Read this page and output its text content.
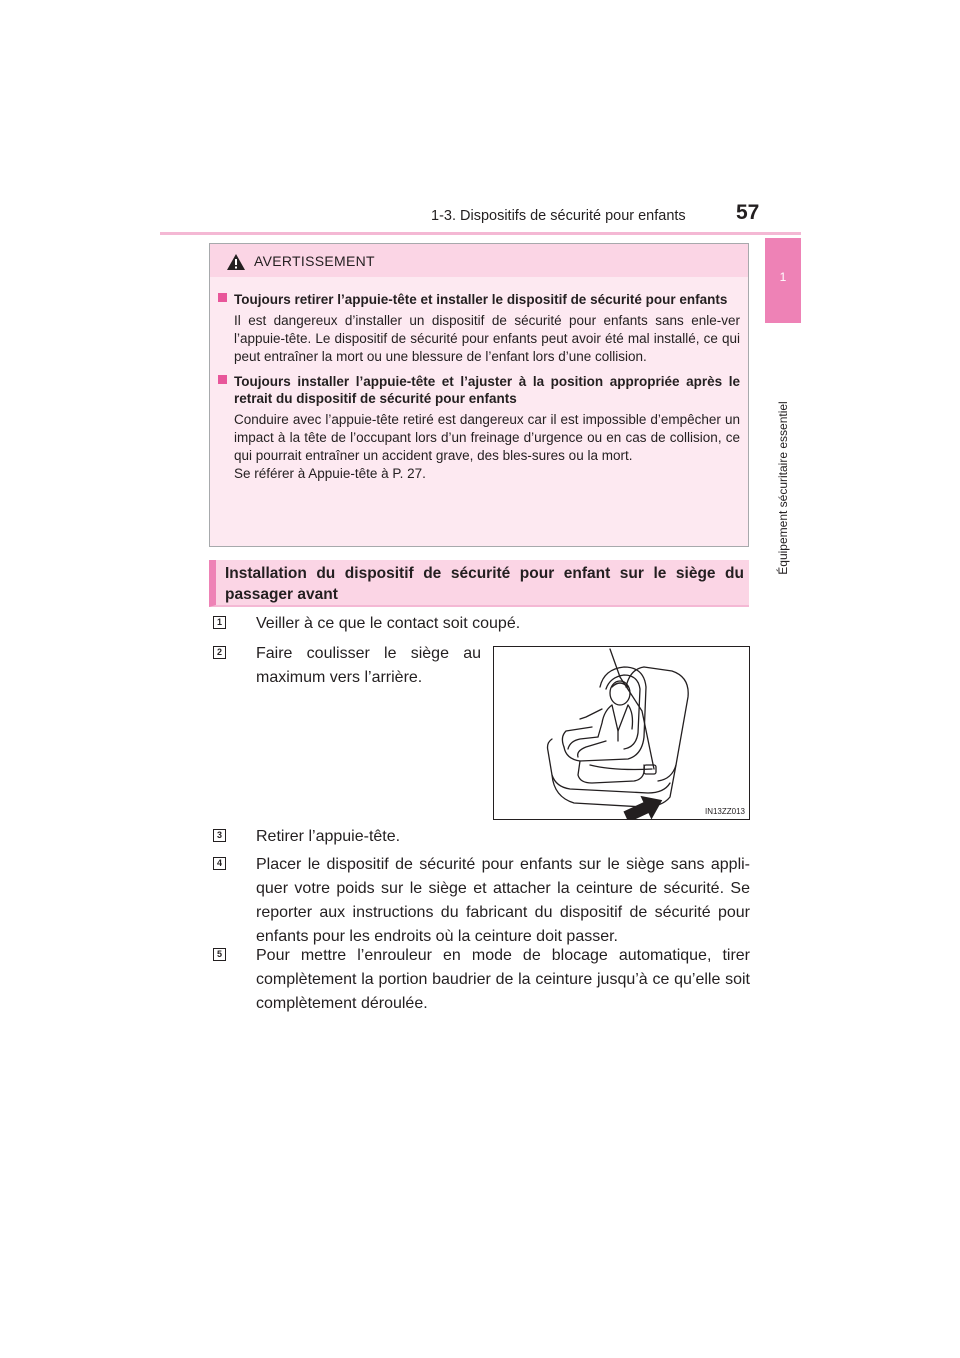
1-3. Dispositifs de sécurité pour enfants 57
1
Équipement sécuritaire essentiel
AVERTISSEMENT
Toujours retirer l’appuie-tête et installer le dispositif de sécurité pour enfants
Il est dangereux d’installer un dispositif de sécurité pour enfants sans enle-ver l’appuie-tête. Le dispositif de sécurité pour enfants peut avoir été mal installé, ce qui peut entraîner la mort ou une blessure de l’enfant lors d’une collision.
Toujours installer l’appuie-tête et l’ajuster à la position appropriée après le retrait du dispositif de sécurité pour enfants
Conduire avec l’appuie-tête retiré est dangereux car il est impossible d’empêcher un impact à la tête de l’occupant lors d’un freinage d’urgence ou en cas de collision, ce qui pourrait entraîner un accident grave, des bles-sures ou la mort.
Se référer à Appuie-tête à P. 27.
Installation du dispositif de sécurité pour enfant sur le siège du passager avant
1 Veiller à ce que le contact soit coupé.
2 Faire coulisser le siège au maximum vers l’arrière.
IN13ZZ013
3 Retirer l’appuie-tête.
4 Placer le dispositif de sécurité pour enfants sur le siège sans appli-quer votre poids sur le siège et attacher la ceinture de sécurité. Se reporter aux instructions du fabricant du dispositif de sécurité pour enfants pour les endroits où la ceinture doit passer.
5 Pour mettre l’enrouleur en mode de blocage automatique, tirer complètement la portion baudrier de la ceinture jusqu’à ce qu’elle soit complètement déroulée.
